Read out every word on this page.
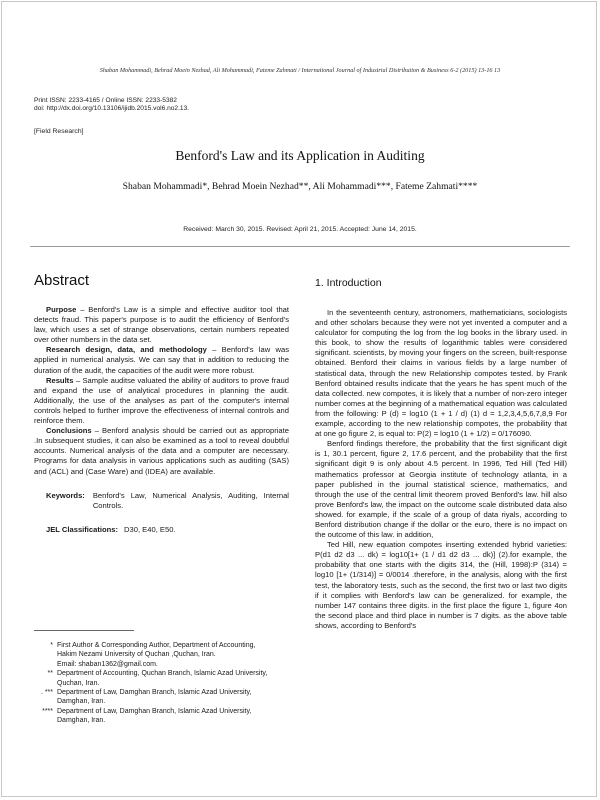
Shaban Mohammadi, Behrad Moein Nezhad, Ali Mohammadi, Fateme Zahmati / International Journal of Industrial Distribution & Business 6-2 (2015) 13-16 13
Print ISSN: 2233-4165 / Online ISSN: 2233-5382
doi: http://dx.doi.org/10.13106/ijidb.2015.vol6.no2.13.
[Field Research]
Benford's Law and its Application in Auditing
Shaban Mohammadi*, Behrad Moein Nezhad**, Ali Mohammadi***, Fateme Zahmati****
Received: March 30, 2015. Revised: April 21, 2015. Accepted: June 14, 2015.
Abstract

Purpose – Benford's Law is a simple and effective auditor tool that detects fraud. This paper's purpose is to audit the efficiency of Benford's law, which uses a set of strange observations, certain numbers repeated over other numbers in the data set.

Research design, data, and methodology – Benford's law was applied in numerical analysis. We can say that in addition to reducing the duration of the audit, the capacities of the audit were more robust.

Results – Sample auditse valuated the ability of auditors to prove fraud and expand the use of analytical procedures in planning the audit. Additionally, the use of the analyses as part of the computer's internal controls helped to further improve the effectiveness of internal controls and reinforce them.

Conclusions – Benford analysis should be carried out as appropriate .In subsequent studies, it can also be examined as a tool to reveal doubtful accounts. Numerical analysis of the data and a computer are necessary. Programs for data analysis in various applications such as auditing (SAS) and (ACL) and (Case Ware) and (IDEA) are available.

Keywords: Benford's Law, Numerical Analysis, Auditing, Internal Controls.
JEL Classifications: D30, E40, E50.
* First Author & Corresponding Author, Department of Accounting,
Hakim Nezami University of Quchan ,Quchan, Iran.
Email: shaban1362@gmail.com.
** Department of Accounting, Quchan Branch, Islamic Azad University,
Quchan, Iran.
. *** Department of Law, Damghan Branch, Islamic Azad University,
Damghan, Iran.
**** Department of Law, Damghan Branch, Islamic Azad University,
Damghan, Iran.
1. Introduction

In the seventeenth century, astronomers, mathematicians, sociologists and other scholars because they were not yet invented a computer and a calculator for computing the log from the log books in the library used. in this book, to show the results of logarithmic tables were considered significant. scientists, by moving your fingers on the screen, built-response obtained. Benford their claims in various fields by a large number of statistical data, through the new Relationship compotes tested. by Frank Benford obtained results indicate that the years he has spent much of the data collected. new compotes, it is likely that a number of non-zero integer number comes at the beginning of a mathematical equation was calculated from the following: P (d) = log10 (1 + 1 / d) (1) d = 1,2,3,4,5,6,7,8,9 For example, according to the new relationship compotes, the probability that at one go figure 2, is equal to: P(2) = log10 (1 + 1/2) = 0/176090.

Benford findings therefore, the probability that the first significant digit is 1, 30.1 percent, figure 2, 17.6 percent, and the probability that the first significant digit 9 is only about 4.5 percent. In 1996, Ted Hill (Ted Hill) mathematics professor at Georgia institute of technology atlanta, in a paper published in the journal statistical science, mathematics, and through the use of the central limit theorem proved Benford's law. hill also prove Benford's law, the impact on the outcome scale distributed data also showed. for example, if the scale of a group of data riyals, according to Benford distribution change if the dollar or the euro, there is no impact on the outcome of this law. in addition,

Ted Hill, new equation compotes inserting extended hybrid varieties: P(d1 d2 d3 ... dk) = log10[1+ (1 / d1 d2 d3 ... dk)] (2).for example, the probability that one starts with the digits 314, the (Hill, 1998):P (314) = log10 [1+ (1/314)] = 0/0014 .therefore, in the analysis, along with the first test, the laboratory tests, such as the second, the first two or last two digits if it complies with Benford's law can be generalized. for example, the number 147 contains three digits. in the first place the figure 1, figure 4on the second place and third place in number is 7 digits. as the above table shows, according to Benford's
